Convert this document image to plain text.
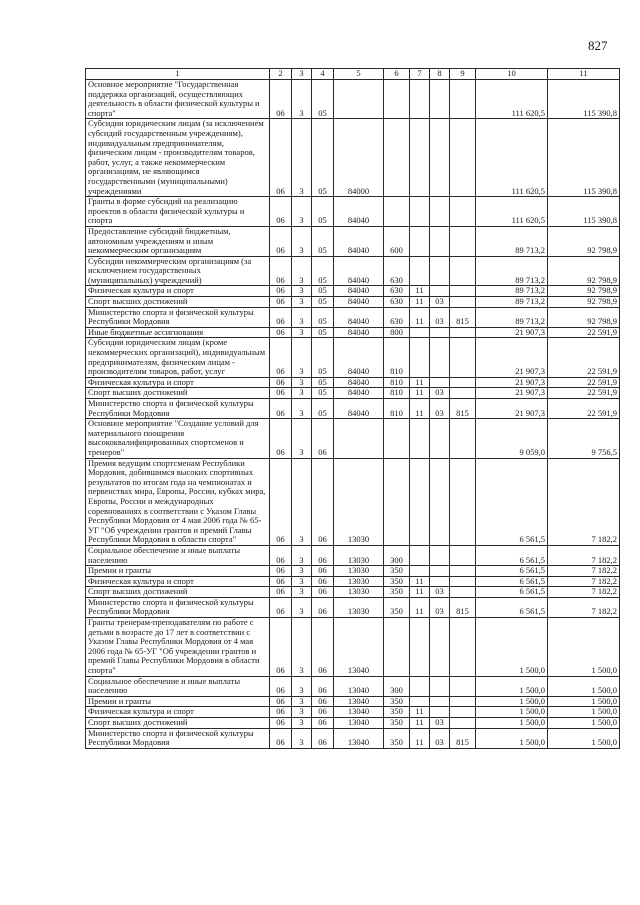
827
1	2	3	4	5	6	7	8	9	10	11
Основное мероприятие "Государственная поддержка организаций, осуществляющих деятельность в области физической культуры и спорта"	06	3	05						111 620,5	115 390,8
Субсидии юридическим лицам (за исключением субсидий государственным учреждениям), индивидуальным предпринимателям, физическим лицам - производителям товаров, работ, услуг, а также некоммерческим организациям, не являющимся государственными (муниципальными) учреждениями	06	3	05	84000					111 620,5	115 390,8
Гранты в форме субсидий на реализацию проектов в области физической культуры и спорта	06	3	05	84040					111 620,5	115 390,8
Предоставление субсидий бюджетным, автономным учреждениям и иным некоммерческим организациям	06	3	05	84040	600				89 713,2	92 798,9
Субсидии некоммерческим организациям (за исключением государственных (муниципальных) учреждений)	06	3	05	84040	630				89 713,2	92 798,9
Физическая культура и спорт	06	3	05	84040	630	11			89 713,2	92 798,9
Спорт высших достижений	06	3	05	84040	630	11	03		89 713,2	92 798,9
Министерство спорта и физической культуры Республики Мордовия	06	3	05	84040	630	11	03	815	89 713,2	92 798,9
Иные бюджетные ассигнования	06	3	05	84040	800				21 907,3	22 591,9
Субсидии юридическим лицам (кроме некоммерческих организаций), индивидуальным предпринимателям, физическим лицам - производителям товаров, работ, услуг	06	3	05	84040	810				21 907,3	22 591,9
Физическая культура и спорт	06	3	05	84040	810	11			21 907,3	22 591,9
Спорт высших достижений	06	3	05	84040	810	11	03		21 907,3	22 591,9
Министерство спорта и физической культуры Республики Мордовия	06	3	05	84040	810	11	03	815	21 907,3	22 591,9
Основное мероприятие "Создание условий для материального поощрения высококвалифицированных спортсменов и тренеров"	06	3	06						9 059,0	9 756,5
Премия ведущим спортсменам Республики Мордовия, добившимся высоких спортивных результатов по итогам года на чемпионатах и первенствах мира, Европы, России, кубках мира, Европы, России и международных соревнованиях в соответствии с Указом Главы Республики Мордовия от 4 мая 2006 года № 65-УГ "Об учреждении грантов и премий Главы Республики Мордовия в области спорта"	06	3	06	13030					6 561,5	7 182,2
Социальное обеспечение и иные выплаты населению	06	3	06	13030	300				6 561,5	7 182,2
Премии и гранты	06	3	06	13030	350				6 561,5	7 182,2
Физическая культура и спорт	06	3	06	13030	350	11			6 561,5	7 182,2
Спорт высших достижений	06	3	06	13030	350	11	03		6 561,5	7 182,2
Министерство спорта и физической культуры Республики Мордовия	06	3	06	13030	350	11	03	815	6 561,5	7 182,2
Гранты тренерам-преподавателям по работе с детьми в возрасте до 17 лет в соответствии с Указом Главы Республики Мордовия от 4 мая 2006 года № 65-УГ "Об учреждении грантов и премий Главы Республики Мордовия в области спорта"	06	3	06	13040					1 500,0	1 500,0
Социальное обеспечение и иные выплаты населению	06	3	06	13040	300				1 500,0	1 500,0
Премии и гранты	06	3	06	13040	350				1 500,0	1 500,0
Физическая культура и спорт	06	3	06	13040	350	11			1 500,0	1 500,0
Спорт высших достижений	06	3	06	13040	350	11	03		1 500,0	1 500,0
Министерство спорта и физической культуры Республики Мордовия	06	3	06	13040	350	11	03	815	1 500,0	1 500,0
